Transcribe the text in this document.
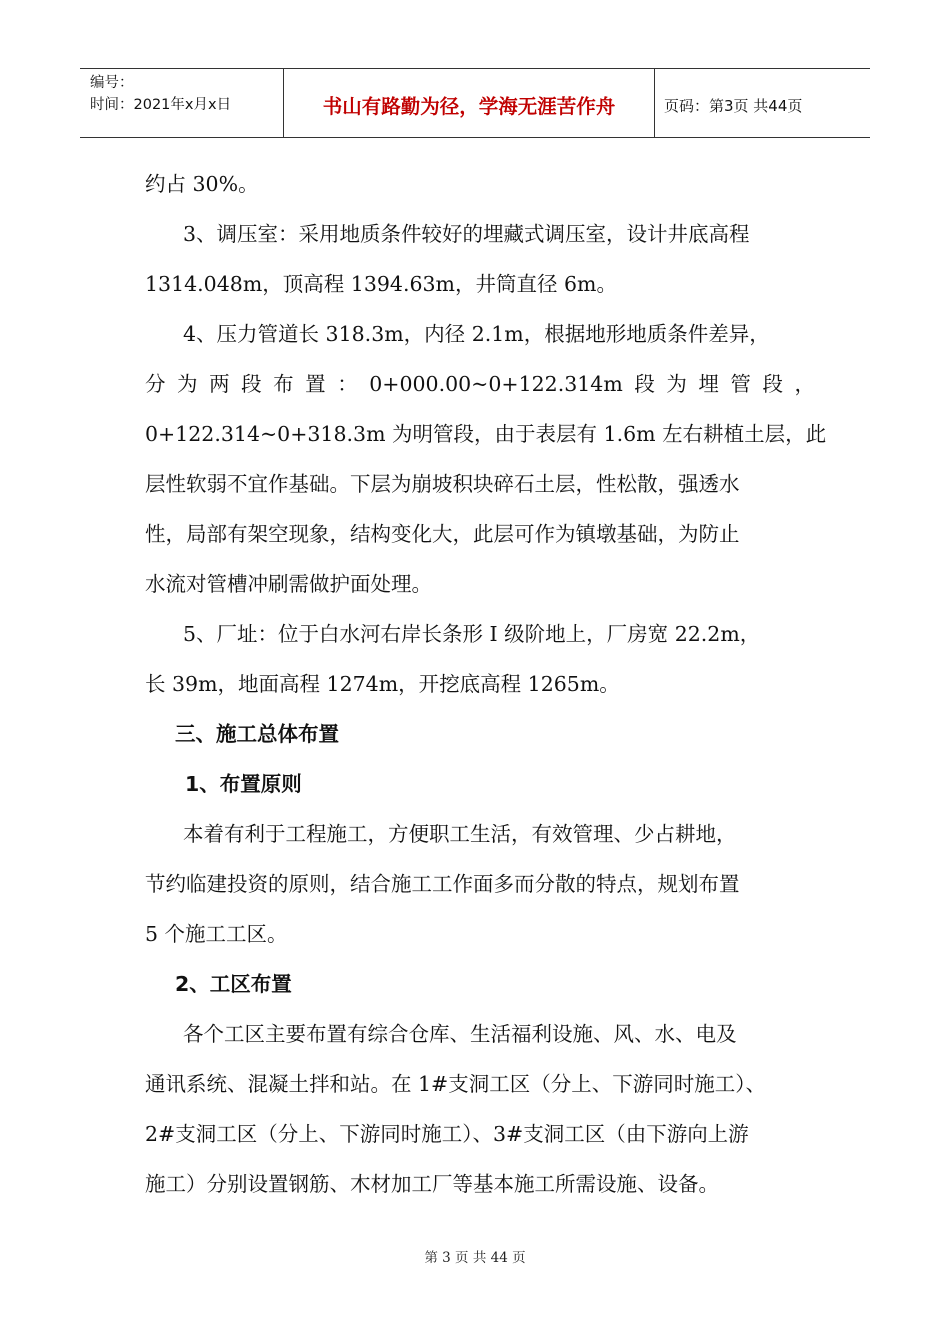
编号：
时间：2021年x月x日	书山有路勤为径，学海无涯苦作舟	页码：第3页 共44页
约占 30%。
3、调压室：采用地质条件较好的埋藏式调压室，设计井底高程
1314.048m，顶高程 1394.63m，井筒直径 6m。
4、压力管道长 318.3m，内径 2.1m，根据地形地质条件差异，
分 为 两 段 布 置 ： 0+000.00~0+122.314m 段 为 埋 管 段 ，
0+122.314~0+318.3m 为明管段，由于表层有 1.6m 左右耕植土层，此
层性软弱不宜作基础。下层为崩坡积块碎石土层，性松散，强透水
性，局部有架空现象，结构变化大，此层可作为镇墩基础，为防止
水流对管槽冲刷需做护面处理。
5、厂址：位于白水河右岸长条形 I 级阶地上，厂房宽 22.2m，
长 39m，地面高程 1274m，开挖底高程 1265m。
三、施工总体布置
1、布置原则
本着有利于工程施工，方便职工生活，有效管理、少占耕地，
节约临建投资的原则，结合施工工作面多而分散的特点，规划布置
5 个施工工区。
2、工区布置
各个工区主要布置有综合仓库、生活福利设施、风、水、电及
通讯系统、混凝土拌和站。在 1#支洞工区（分上、下游同时施工）、
2#支洞工区（分上、下游同时施工）、3#支洞工区（由下游向上游
施工）分别设置钢筋、木材加工厂等基本施工所需设施、设备。
第 3 页 共 44 页
